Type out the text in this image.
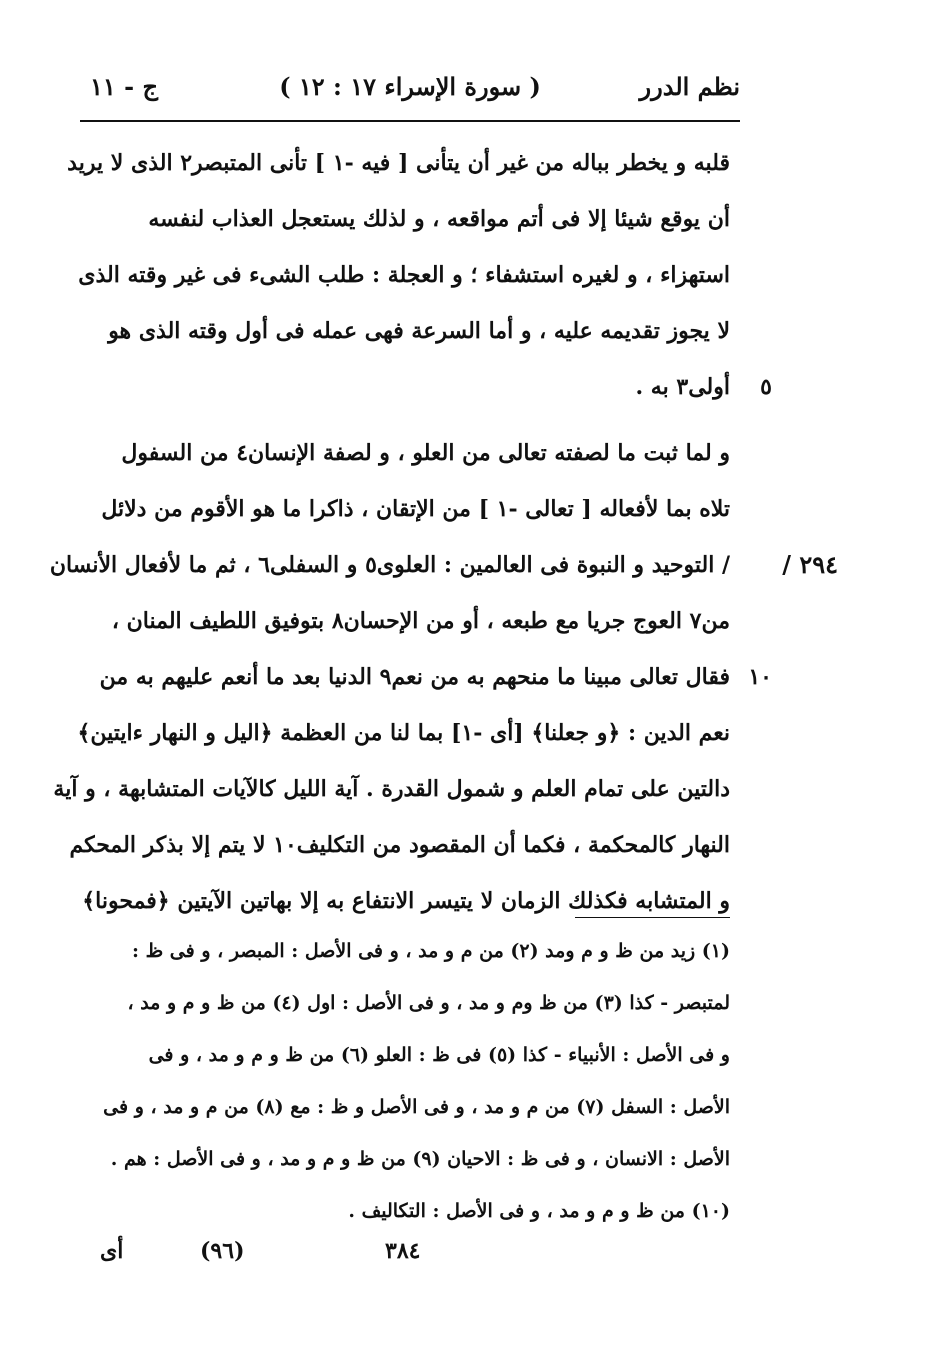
نظم الدرر
( سورة الإسراء ١٧ : ١٢ )
ج - ١١
قلبه و يخطر بباله من غير أن يتأنى [ فيه -١ ] تأنى المتبصر٢ الذى لا يريد
أن يوقع شيئا إلا فى أتم مواقعه ، و لذلك يستعجل العذاب لنفسه
استهزاء ، و لغيره استشفاء ؛ و العجلة : طلب الشىء فى غير وقته الذى
لا يجوز تقديمه عليه ، و أما السرعة فهى عمله فى أول وقته الذى هو
أولى٣ به . ٥
و لما ثبت ما لصفته تعالى من العلو ، و لصفة الإنسان٤ من السفول
تلاه بما لأفعاله [ تعالى -١ ] من الإتقان ، ذاكرا ما هو الأقوم من دلائل
/ التوحيد و النبوة فى العالمين : العلوى٥ و السفلى٦ ، ثم ما لأفعال الأنسان ٢٩٤ /
من٧ العوج جريا مع طبعه ، أو من الإحسان٨ بتوفيق اللطيف المنان ،
فقال تعالى مبينا ما منحهم به من نعم٩ الدنيا بعد ما أنعم عليهم به من ١٠
نعم الدين : ﴿و جعلنا﴾ [أى -١] بما لنا من العظمة ﴿اليل و النهار ءايتين﴾
دالتين على تمام العلم و شمول القدرة . آية الليل كالآيات المتشابهة ، و آية
النهار كالمحكمة ، فكما أن المقصود من التكليف١٠ لا يتم إلا بذكر المحكم
و المتشابه فكذلك الزمان لا يتيسر الانتفاع به إلا بهاتين الآيتين ﴿فمحونا﴾
(١) زيد من ظ و م ومد (٢) من م و مد ، و فى الأصل : المبصر ، و فى ظ :
لمتبصر - كذا (٣) من ظ وم و مد ، و فى الأصل : اول (٤) من ظ و م و مد ،
و فى الأصل : الأنبياء - كذا (٥) فى ظ : العلو (٦) من ظ و م و مد ، و فى
الأصل : السفل (٧) من م و مد ، و فى الأصل و ظ : مع (٨) من م و مد ، و فى
الأصل : الانسان ، و فى ظ : الاحيان (٩) من ظ و م و مد ، و فى الأصل : هم .
(١٠) من ظ و م و مد ، و فى الأصل : التكاليف .
٣٨٤
(٩٦)
أى
